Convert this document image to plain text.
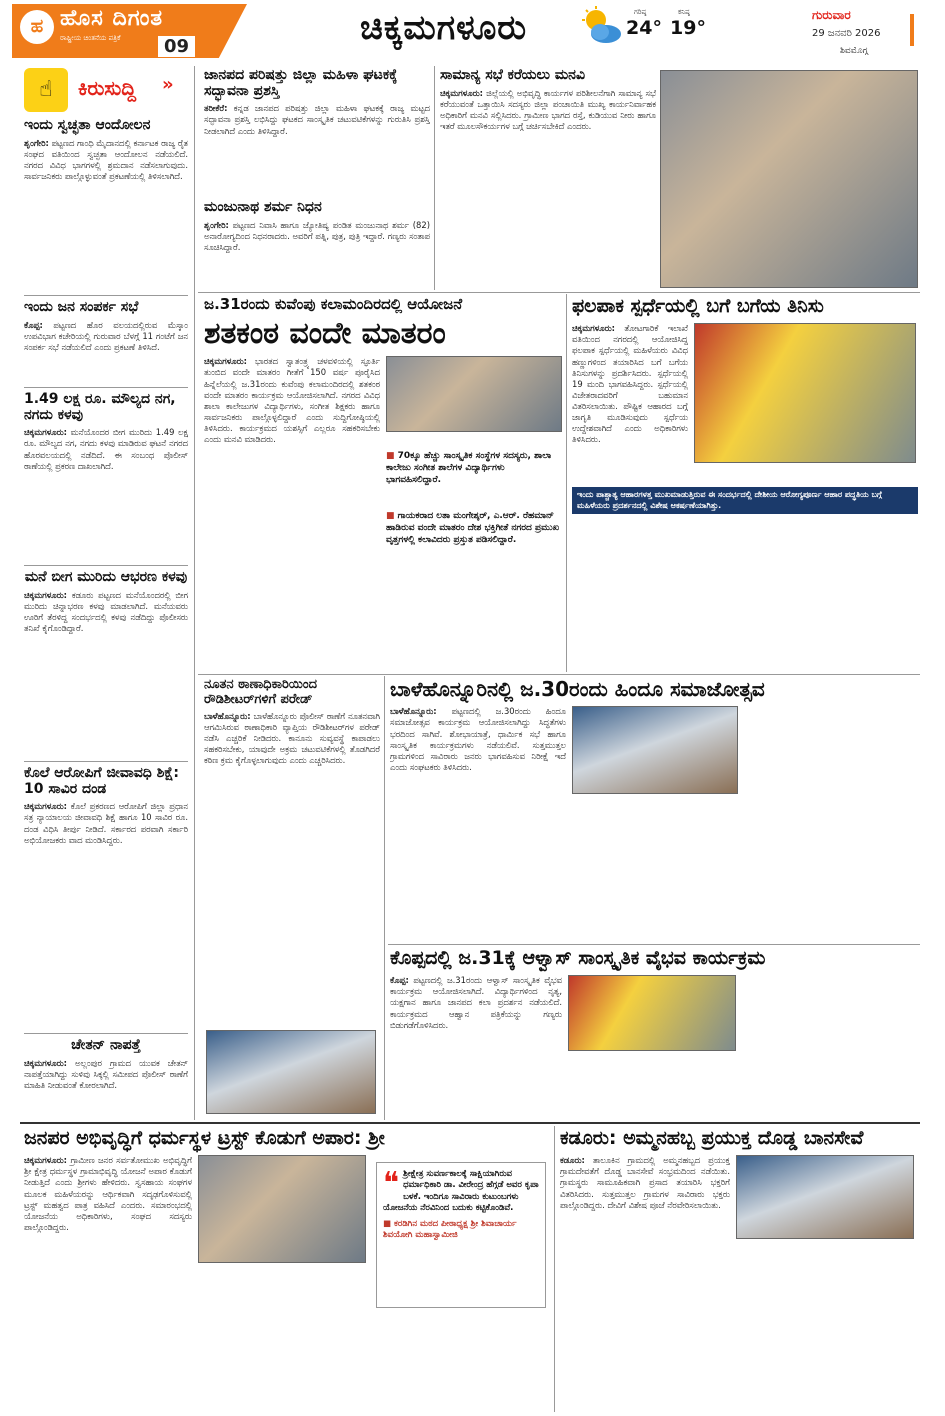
ಹ ಹೊಸ ದಿಗಂತ
ರಾಷ್ಟ್ರೀಯ ಚಿಂತನೆಯ ಪತ್ರಿಕೆ	09	ಚಿಕ್ಕಮಗಳೂರು	ಗರಿಷ್ಠ
24°
ಕನಿಷ್ಠ
19°
ಗುರುವಾರ
29 ಜನವರಿ 2026
ಶಿವಮೊಗ್ಗ
☝	ಕಿರುಸುದ್ದಿ »
ಇಂದು ಸ್ವಚ್ಛತಾ ಆಂದೋಲನ
ಶೃಂಗೇರಿ: ಪಟ್ಟಣದ ಗಾಂಧಿ ಮೈದಾನದಲ್ಲಿ ಕರ್ನಾಟಕ ರಾಜ್ಯ ರೈತ ಸಂಘದ ವತಿಯಿಂದ ಸ್ವಚ್ಛತಾ ಆಂದೋಲನ ನಡೆಯಲಿದೆ. ನಗರದ ವಿವಿಧ ಭಾಗಗಳಲ್ಲಿ ಶ್ರಮದಾನ ನಡೆಸಲಾಗುವುದು. ಸಾರ್ವಜನಿಕರು ಪಾಲ್ಗೊಳ್ಳುವಂತೆ ಪ್ರಕಟಣೆಯಲ್ಲಿ ತಿಳಿಸಲಾಗಿದೆ.
ಇಂದು ಜನ ಸಂಪರ್ಕ ಸಭೆ
ಕೊಪ್ಪ: ಪಟ್ಟಣದ ಹೊರ ವಲಯದಲ್ಲಿರುವ ಮೆಸ್ಕಾಂ ಉಪವಿಭಾಗ ಕಚೇರಿಯಲ್ಲಿ ಗುರುವಾರ ಬೆಳಗ್ಗೆ 11 ಗಂಟೆಗೆ ಜನ ಸಂಪರ್ಕ ಸಭೆ ನಡೆಯಲಿದೆ ಎಂದು ಪ್ರಕಟಣೆ ತಿಳಿಸಿದೆ.
1.49 ಲಕ್ಷ ರೂ. ಮೌಲ್ಯದ ನಗ, ನಗದು ಕಳವು
ಚಿಕ್ಕಮಗಳೂರು: ಮನೆಯೊಂದರ ಬೀಗ ಮುರಿದು 1.49 ಲಕ್ಷ ರೂ. ಮೌಲ್ಯದ ನಗ, ನಗದು ಕಳವು ಮಾಡಿರುವ ಘಟನೆ ನಗರದ ಹೊರವಲಯದಲ್ಲಿ ನಡೆದಿದೆ. ಈ ಸಂಬಂಧ ಪೊಲೀಸ್ ಠಾಣೆಯಲ್ಲಿ ಪ್ರಕರಣ ದಾಖಲಾಗಿದೆ.
ಮನೆ ಬೀಗ ಮುರಿದು ಆಭರಣ ಕಳವು
ಚಿಕ್ಕಮಗಳೂರು: ಕಡೂರು ಪಟ್ಟಣದ ಮನೆಯೊಂದರಲ್ಲಿ ಬೀಗ ಮುರಿದು ಚಿನ್ನಾಭರಣ ಕಳವು ಮಾಡಲಾಗಿದೆ. ಮನೆಯವರು ಊರಿಗೆ ತೆರಳಿದ್ದ ಸಂದರ್ಭದಲ್ಲಿ ಕಳವು ನಡೆದಿದ್ದು ಪೊಲೀಸರು ತನಿಖೆ ಕೈಗೊಂಡಿದ್ದಾರೆ.
ಕೊಲೆ ಆರೋಪಿಗೆ ಜೀವಾವಧಿ ಶಿಕ್ಷೆ: 10 ಸಾವಿರ ದಂಡ
ಚಿಕ್ಕಮಗಳೂರು: ಕೊಲೆ ಪ್ರಕರಣದ ಆರೋಪಿಗೆ ಜಿಲ್ಲಾ ಪ್ರಧಾನ ಸತ್ರ ನ್ಯಾಯಾಲಯ ಜೀವಾವಧಿ ಶಿಕ್ಷೆ ಹಾಗೂ 10 ಸಾವಿರ ರೂ. ದಂಡ ವಿಧಿಸಿ ತೀರ್ಪು ನೀಡಿದೆ. ಸರ್ಕಾರದ ಪರವಾಗಿ ಸರ್ಕಾರಿ ಅಭಿಯೋಜಕರು ವಾದ ಮಂಡಿಸಿದ್ದರು.
ಚೇತನ್ ನಾಪತ್ತೆ
ಚಿಕ್ಕಮಗಳೂರು: ಅಲ್ಲಂಪುರ ಗ್ರಾಮದ ಯುವಕ ಚೇತನ್ ನಾಪತ್ತೆಯಾಗಿದ್ದು ಸುಳಿವು ಸಿಕ್ಕಲ್ಲಿ ಸಮೀಪದ ಪೊಲೀಸ್ ಠಾಣೆಗೆ ಮಾಹಿತಿ ನೀಡುವಂತೆ ಕೋರಲಾಗಿದೆ.
ಜಾನಪದ ಪರಿಷತ್ತು ಜಿಲ್ಲಾ ಮಹಿಳಾ ಘಟಕಕ್ಕೆ ಸದ್ಭಾವನಾ ಪ್ರಶಸ್ತಿ
ತರೀಕೆರೆ: ಕನ್ನಡ ಜಾನಪದ ಪರಿಷತ್ತು ಜಿಲ್ಲಾ ಮಹಿಳಾ ಘಟಕಕ್ಕೆ ರಾಜ್ಯ ಮಟ್ಟದ ಸದ್ಭಾವನಾ ಪ್ರಶಸ್ತಿ ಲಭಿಸಿದ್ದು ಘಟಕದ ಸಾಂಸ್ಕೃತಿಕ ಚಟುವಟಿಕೆಗಳನ್ನು ಗುರುತಿಸಿ ಪ್ರಶಸ್ತಿ ನೀಡಲಾಗಿದೆ ಎಂದು ತಿಳಿಸಿದ್ದಾರೆ.
ಮಂಜುನಾಥ ಶರ್ಮ ನಿಧನ
ಶೃಂಗೇರಿ: ಪಟ್ಟಣದ ನಿವಾಸಿ ಹಾಗೂ ಜ್ಯೋತಿಷ್ಯ ಪಂಡಿತ ಮಂಜುನಾಥ ಶರ್ಮ (82) ಅನಾರೋಗ್ಯದಿಂದ ನಿಧನರಾದರು. ಅವರಿಗೆ ಪತ್ನಿ, ಪುತ್ರ, ಪುತ್ರಿ ಇದ್ದಾರೆ. ಗಣ್ಯರು ಸಂತಾಪ ಸೂಚಿಸಿದ್ದಾರೆ.
ಸಾಮಾನ್ಯ ಸಭೆ ಕರೆಯಲು ಮನವಿ
ಚಿಕ್ಕಮಗಳೂರು: ಜಿಲ್ಲೆಯಲ್ಲಿ ಅಭಿವೃದ್ಧಿ ಕಾರ್ಯಗಳ ಪರಿಶೀಲನೆಗಾಗಿ ಸಾಮಾನ್ಯ ಸಭೆ ಕರೆಯುವಂತೆ ಒತ್ತಾಯಿಸಿ ಸದಸ್ಯರು ಜಿಲ್ಲಾ ಪಂಚಾಯಿತಿ ಮುಖ್ಯ ಕಾರ್ಯನಿರ್ವಾಹಕ ಅಧಿಕಾರಿಗೆ ಮನವಿ ಸಲ್ಲಿಸಿದರು. ಗ್ರಾಮೀಣ ಭಾಗದ ರಸ್ತೆ, ಕುಡಿಯುವ ನೀರು ಹಾಗೂ ಇತರೆ ಮೂಲಸೌಕರ್ಯಗಳ ಬಗ್ಗೆ ಚರ್ಚಿಸಬೇಕಿದೆ ಎಂದರು.
ಜ.31ರಂದು ಕುವೆಂಪು ಕಲಾಮಂದಿರದಲ್ಲಿ ಆಯೋಜನೆ
ಶತಕಂಠ ವಂದೇ ಮಾತರಂ
ಚಿಕ್ಕಮಗಳೂರು: ಭಾರತದ ಸ್ವಾತಂತ್ರ್ಯ ಚಳವಳಿಯಲ್ಲಿ ಸ್ಫೂರ್ತಿ ತುಂಬಿದ ವಂದೇ ಮಾತರಂ ಗೀತೆಗೆ 150 ವರ್ಷ ಪೂರೈಸಿದ ಹಿನ್ನೆಲೆಯಲ್ಲಿ ಜ.31ರಂದು ಕುವೆಂಪು ಕಲಾಮಂದಿರದಲ್ಲಿ ಶತಕಂಠ ವಂದೇ ಮಾತರಂ ಕಾರ್ಯಕ್ರಮ ಆಯೋಜಿಸಲಾಗಿದೆ. ನಗರದ ವಿವಿಧ ಶಾಲಾ ಕಾಲೇಜುಗಳ ವಿದ್ಯಾರ್ಥಿಗಳು, ಸಂಗೀತ ಶಿಕ್ಷಕರು ಹಾಗೂ ಸಾರ್ವಜನಿಕರು ಪಾಲ್ಗೊಳ್ಳಲಿದ್ದಾರೆ ಎಂದು ಸುದ್ದಿಗೋಷ್ಠಿಯಲ್ಲಿ ತಿಳಿಸಿದರು. ಕಾರ್ಯಕ್ರಮದ ಯಶಸ್ಸಿಗೆ ಎಲ್ಲರೂ ಸಹಕರಿಸಬೇಕು ಎಂದು ಮನವಿ ಮಾಡಿದರು.
■ 70ಕ್ಕೂ ಹೆಚ್ಚು ಸಾಂಸ್ಕೃತಿಕ ಸಂಸ್ಥೆಗಳ ಸದಸ್ಯರು, ಶಾಲಾ ಕಾಲೇಜು ಸಂಗೀತ ಶಾಲೆಗಳ ವಿದ್ಯಾರ್ಥಿಗಳು ಭಾಗವಹಿಸಲಿದ್ದಾರೆ.
■ ಗಾಯಕರಾದ ಲತಾ ಮಂಗೇಶ್ಕರ್, ಎ.ಆರ್. ರೆಹಮಾನ್ ಹಾಡಿರುವ ವಂದೇ ಮಾತರಂ ದೇಶ ಭಕ್ತಿಗೀತೆ ನಗರದ ಪ್ರಮುಖ ವೃತ್ತಗಳಲ್ಲಿ ಕಲಾವಿದರು ಪ್ರಸ್ತುತ ಪಡಿಸಲಿದ್ದಾರೆ.
ಫಲಪಾಕ ಸ್ಪರ್ಧೆಯಲ್ಲಿ ಬಗೆ ಬಗೆಯ ತಿನಿಸು
ಚಿಕ್ಕಮಗಳೂರು: ತೋಟಗಾರಿಕೆ ಇಲಾಖೆ ವತಿಯಿಂದ ನಗರದಲ್ಲಿ ಆಯೋಜಿಸಿದ್ದ ಫಲಪಾಕ ಸ್ಪರ್ಧೆಯಲ್ಲಿ ಮಹಿಳೆಯರು ವಿವಿಧ ಹಣ್ಣುಗಳಿಂದ ತಯಾರಿಸಿದ ಬಗೆ ಬಗೆಯ ತಿನಿಸುಗಳನ್ನು ಪ್ರದರ್ಶಿಸಿದರು. ಸ್ಪರ್ಧೆಯಲ್ಲಿ 19 ಮಂದಿ ಭಾಗವಹಿಸಿದ್ದರು. ಸ್ಪರ್ಧೆಯಲ್ಲಿ ವಿಜೇತರಾದವರಿಗೆ ಬಹುಮಾನ ವಿತರಿಸಲಾಯಿತು. ಪೌಷ್ಟಿಕ ಆಹಾರದ ಬಗ್ಗೆ ಜಾಗೃತಿ ಮೂಡಿಸುವುದು ಸ್ಪರ್ಧೆಯ ಉದ್ದೇಶವಾಗಿದೆ ಎಂದು ಅಧಿಕಾರಿಗಳು ತಿಳಿಸಿದರು.
ಇಂದು ಪಾಶ್ಚಾತ್ಯ ಆಹಾರಗಳತ್ತ ಮುಖಮಾಡುತ್ತಿರುವ ಈ ಸಂದರ್ಭದಲ್ಲಿ ದೇಶೀಯ ಆರೋಗ್ಯಪೂರ್ಣ ಆಹಾರ ಪದ್ಧತಿಯ ಬಗ್ಗೆ ಮಹಿಳೆಯರು ಪ್ರದರ್ಶನದಲ್ಲಿ ವಿಶೇಷ ಆಕರ್ಷಣೆಯಾಗಿತ್ತು.
ನೂತನ ಠಾಣಾಧಿಕಾರಿಯಿಂದ ರೌಡಿಶೀಟರ್‌ಗಳಿಗೆ ಪರೇಡ್
ಬಾಳೆಹೊನ್ನೂರು: ಬಾಳೆಹೊನ್ನೂರು ಪೊಲೀಸ್ ಠಾಣೆಗೆ ನೂತನವಾಗಿ ಆಗಮಿಸಿರುವ ಠಾಣಾಧಿಕಾರಿ ವ್ಯಾಪ್ತಿಯ ರೌಡಿಶೀಟರ್‌ಗಳ ಪರೇಡ್ ನಡೆಸಿ ಎಚ್ಚರಿಕೆ ನೀಡಿದರು. ಕಾನೂನು ಸುವ್ಯವಸ್ಥೆ ಕಾಪಾಡಲು ಸಹಕರಿಸಬೇಕು, ಯಾವುದೇ ಅಕ್ರಮ ಚಟುವಟಿಕೆಗಳಲ್ಲಿ ತೊಡಗಿದರೆ ಕಠಿಣ ಕ್ರಮ ಕೈಗೊಳ್ಳಲಾಗುವುದು ಎಂದು ಎಚ್ಚರಿಸಿದರು.
ಬಾಳೆಹೊನ್ನೂರಿನಲ್ಲಿ ಜ.30ರಂದು ಹಿಂದೂ ಸಮಾಜೋತ್ಸವ
ಬಾಳೆಹೊನ್ನೂರು: ಪಟ್ಟಣದಲ್ಲಿ ಜ.30ರಂದು ಹಿಂದೂ ಸಮಾಜೋತ್ಸವ ಕಾರ್ಯಕ್ರಮ ಆಯೋಜಿಸಲಾಗಿದ್ದು ಸಿದ್ಧತೆಗಳು ಭರದಿಂದ ಸಾಗಿವೆ. ಶೋಭಾಯಾತ್ರೆ, ಧಾರ್ಮಿಕ ಸಭೆ ಹಾಗೂ ಸಾಂಸ್ಕೃತಿಕ ಕಾರ್ಯಕ್ರಮಗಳು ನಡೆಯಲಿವೆ. ಸುತ್ತಮುತ್ತಲ ಗ್ರಾಮಗಳಿಂದ ಸಾವಿರಾರು ಜನರು ಭಾಗವಹಿಸುವ ನಿರೀಕ್ಷೆ ಇದೆ ಎಂದು ಸಂಘಟಕರು ತಿಳಿಸಿದರು.
ಕೊಪ್ಪದಲ್ಲಿ ಜ.31ಕ್ಕೆ ಆಳ್ವಾಸ್ ಸಾಂಸ್ಕೃತಿಕ ವೈಭವ ಕಾರ್ಯಕ್ರಮ
ಕೊಪ್ಪ: ಪಟ್ಟಣದಲ್ಲಿ ಜ.31ರಂದು ಆಳ್ವಾಸ್ ಸಾಂಸ್ಕೃತಿಕ ವೈಭವ ಕಾರ್ಯಕ್ರಮ ಆಯೋಜಿಸಲಾಗಿದೆ. ವಿದ್ಯಾರ್ಥಿಗಳಿಂದ ನೃತ್ಯ, ಯಕ್ಷಗಾನ ಹಾಗೂ ಜಾನಪದ ಕಲಾ ಪ್ರದರ್ಶನ ನಡೆಯಲಿದೆ. ಕಾರ್ಯಕ್ರಮದ ಆಹ್ವಾನ ಪತ್ರಿಕೆಯನ್ನು ಗಣ್ಯರು ಬಿಡುಗಡೆಗೊಳಿಸಿದರು.
ಜನಪರ ಅಭಿವೃದ್ಧಿಗೆ ಧರ್ಮಸ್ಥಳ ಟ್ರಸ್ಟ್ ಕೊಡುಗೆ ಅಪಾರ: ಶ್ರೀ
ಚಿಕ್ಕಮಗಳೂರು: ಗ್ರಾಮೀಣ ಜನರ ಸರ್ವತೋಮುಖ ಅಭಿವೃದ್ಧಿಗೆ ಶ್ರೀ ಕ್ಷೇತ್ರ ಧರ್ಮಸ್ಥಳ ಗ್ರಾಮಾಭಿವೃದ್ಧಿ ಯೋಜನೆ ಅಪಾರ ಕೊಡುಗೆ ನೀಡುತ್ತಿದೆ ಎಂದು ಶ್ರೀಗಳು ಹೇಳಿದರು. ಸ್ವಸಹಾಯ ಸಂಘಗಳ ಮೂಲಕ ಮಹಿಳೆಯರನ್ನು ಆರ್ಥಿಕವಾಗಿ ಸದೃಢಗೊಳಿಸುವಲ್ಲಿ ಟ್ರಸ್ಟ್ ಮಹತ್ವದ ಪಾತ್ರ ವಹಿಸಿದೆ ಎಂದರು. ಸಮಾರಂಭದಲ್ಲಿ ಯೋಜನೆಯ ಅಧಿಕಾರಿಗಳು, ಸಂಘದ ಸದಸ್ಯರು ಪಾಲ್ಗೊಂಡಿದ್ದರು.
❝ ಶ್ರೀಕ್ಷೇತ್ರ ಸುವರ್ಣಕಾಲಕ್ಕೆ ಸಾಕ್ಷಿಯಾಗಿರುವ ಧರ್ಮಾಧಿಕಾರಿ ಡಾ. ವೀರೇಂದ್ರ ಹೆಗ್ಗಡೆ ಅವರ ಕೃಪಾ ಬಳಕೆ. ಇಂದಿಗೂ ಸಾವಿರಾರು ಕುಟುಂಬಗಳು ಯೋಜನೆಯ ನೆರವಿನಿಂದ ಬದುಕು ಕಟ್ಟಿಕೊಂಡಿವೆ.
■ ಕರಡಿಗಿನ ಮಠದ ಪೀಠಾಧ್ಯಕ್ಷ ಶ್ರೀ ಶಿವಾಚಾರ್ಯ ಶಿವಯೋಗಿ ಮಹಾಸ್ವಾಮೀಜಿ
ಕಡೂರು: ಅಮ್ಮನಹಬ್ಬ ಪ್ರಯುಕ್ತ ದೊಡ್ಡ ಬಾನಸೇವೆ
ಕಡೂರು: ತಾಲೂಕಿನ ಗ್ರಾಮದಲ್ಲಿ ಅಮ್ಮನಹಬ್ಬದ ಪ್ರಯುಕ್ತ ಗ್ರಾಮದೇವತೆಗೆ ದೊಡ್ಡ ಬಾನಸೇವೆ ಸಂಭ್ರಮದಿಂದ ನಡೆಯಿತು. ಗ್ರಾಮಸ್ಥರು ಸಾಮೂಹಿಕವಾಗಿ ಪ್ರಸಾದ ತಯಾರಿಸಿ ಭಕ್ತರಿಗೆ ವಿತರಿಸಿದರು. ಸುತ್ತಮುತ್ತಲ ಗ್ರಾಮಗಳ ಸಾವಿರಾರು ಭಕ್ತರು ಪಾಲ್ಗೊಂಡಿದ್ದರು. ದೇವಿಗೆ ವಿಶೇಷ ಪೂಜೆ ನೆರವೇರಿಸಲಾಯಿತು.
